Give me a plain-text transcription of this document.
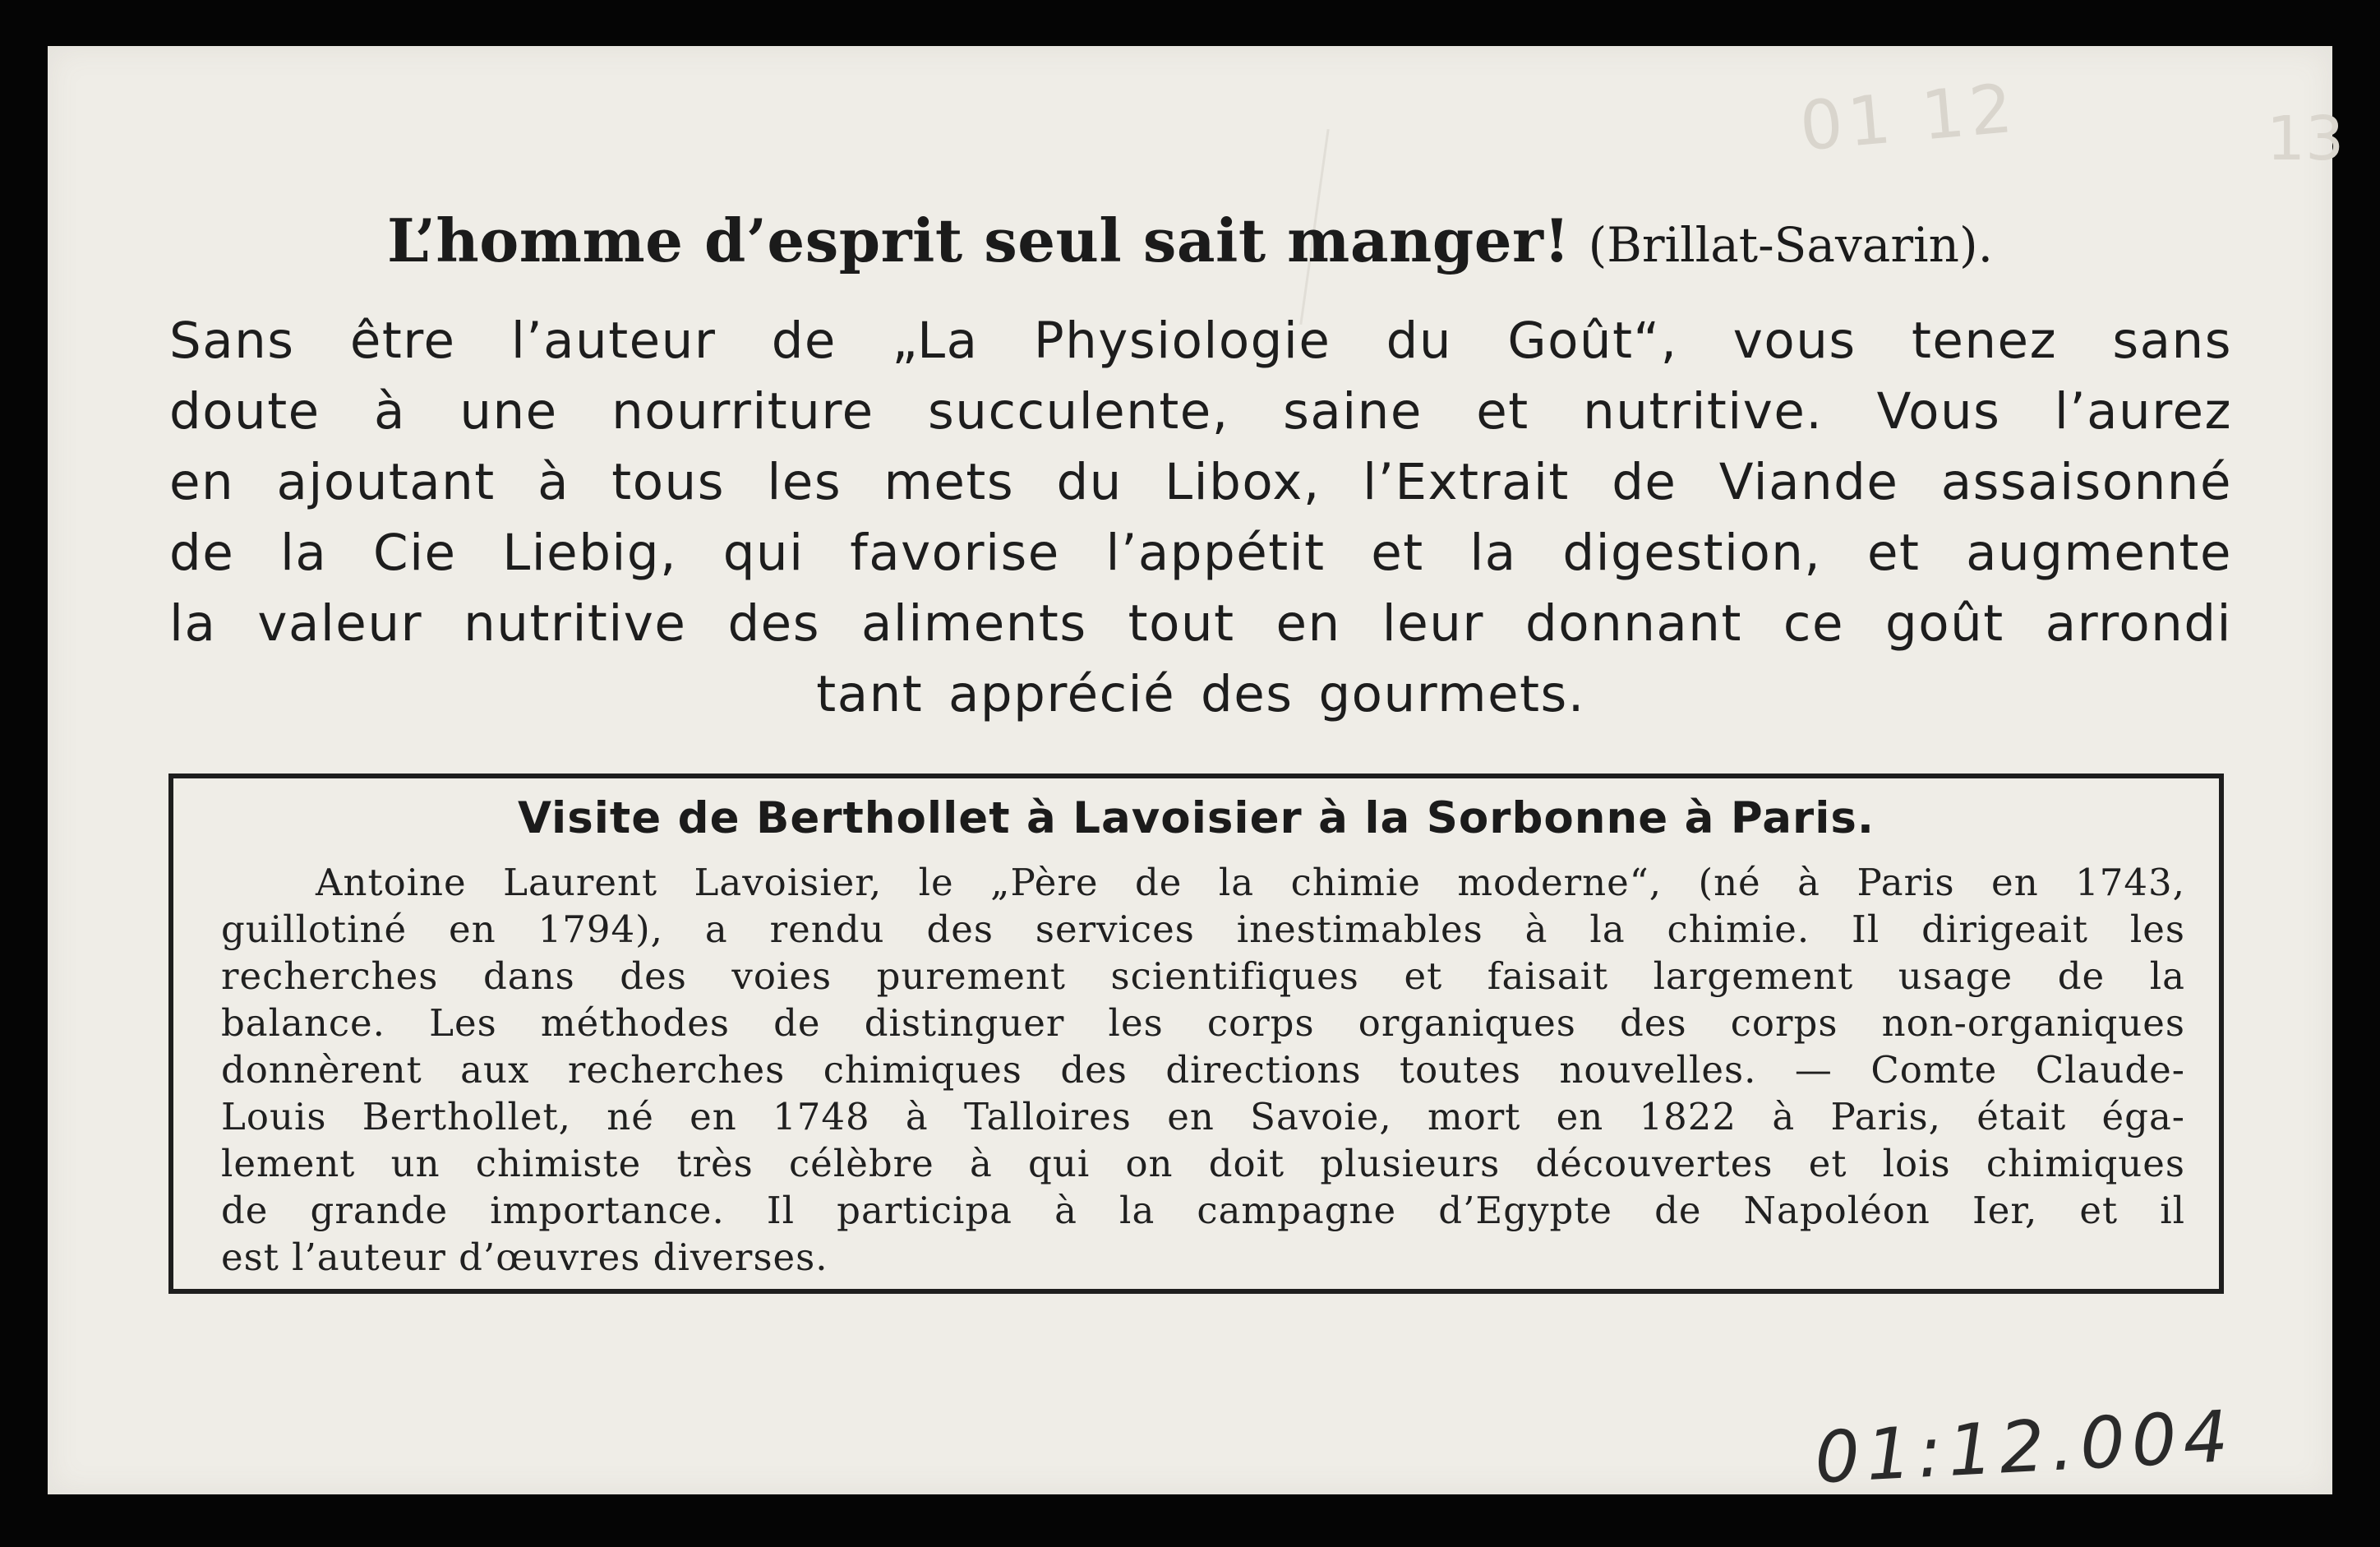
01 12	13
L’homme d’esprit seul sait manger! (Brillat-Savarin).
Sans être l’auteur de „La Physiologie du Goût“, vous tenez sans
doute à une nourriture succulente, saine et nutritive. Vous l’aurez
en ajoutant à tous les mets du Libox, l’Extrait de Viande assaisonné
de la Cie Liebig, qui favorise l’appétit et la digestion, et augmente
la valeur nutritive des aliments tout en leur donnant ce goût arrondi
tant apprécié des gourmets.
Visite de Berthollet à Lavoisier à la Sorbonne à Paris.
Antoine Laurent Lavoisier, le „Père de la chimie moderne“, (né à Paris en 1743,
guillotiné en 1794), a rendu des services inestimables à la chimie. Il dirigeait les
recherches dans des voies purement scientifiques et faisait largement usage de la
balance. Les méthodes de distinguer les corps organiques des corps non-organiques
donnèrent aux recherches chimiques des directions toutes nouvelles. — Comte Claude-
Louis Berthollet, né en 1748 à Talloires en Savoie, mort en 1822 à Paris, était éga-
lement un chimiste très célèbre à qui on doit plusieurs découvertes et lois chimiques
de grande importance. Il participa à la campagne d’Egypte de Napoléon Ier, et il
est l’auteur d’œuvres diverses.
01:12.004
